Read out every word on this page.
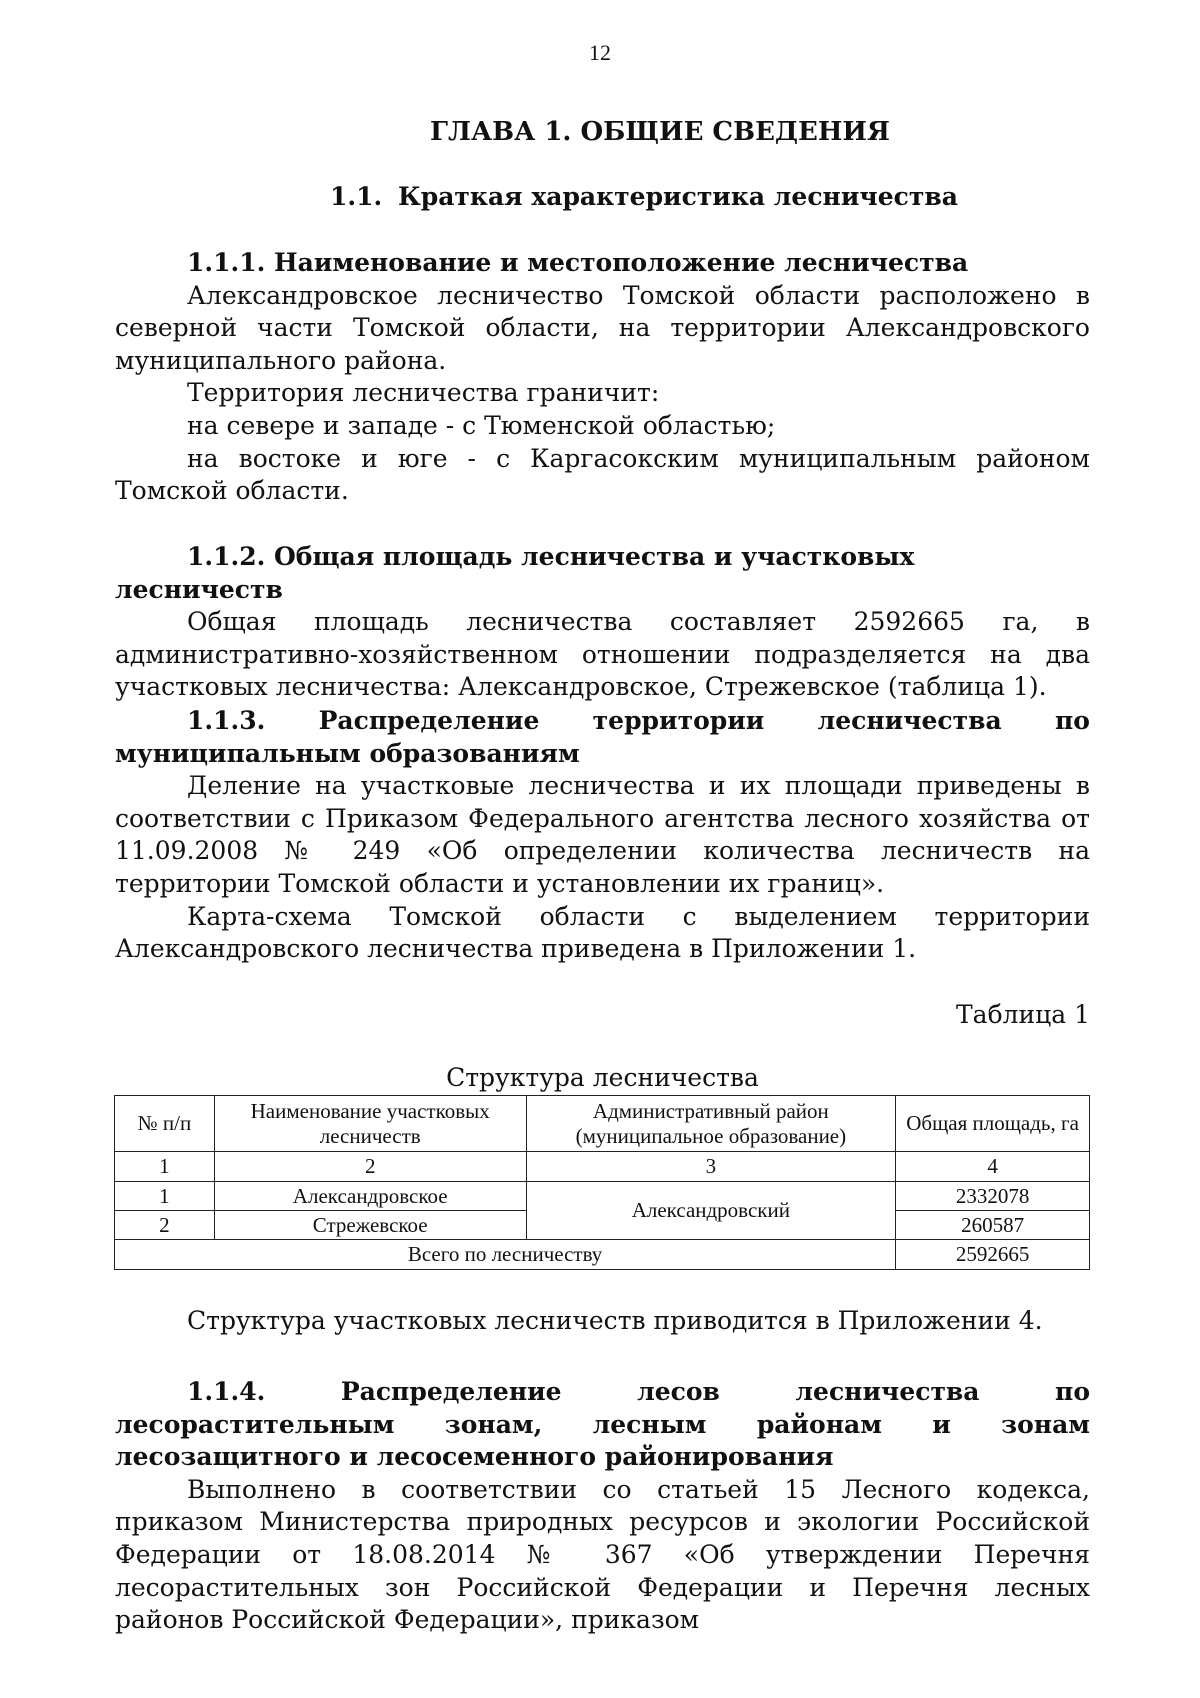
12
ГЛАВА 1. ОБЩИЕ СВЕДЕНИЯ
1.1. Краткая характеристика лесничества
1.1.1. Наименование и местоположение лесничества

Александровское лесничество Томской области расположено в северной части Томской области, на территории Александровского муниципального района.

Территория лесничества граничит:

на севере и западе - с Тюменской областью;

на востоке и юге - с Каргасокским муниципальным районом Томской области.

1.1.2. Общая площадь лесничества и участковых лесничеств

Общая площадь лесничества составляет 2592665 га, в административно-хозяйственном отношении подразделяется на два участковых лесничества: Александровское, Стрежевское (таблица 1).

1.1.3. Распределение территории лесничества по муниципальным образованиям

Деление на участковые лесничества и их площади приведены в соответствии с Приказом Федерального агентства лесного хозяйства от 11.09.2008 № 249 «Об определении количества лесничеств на территории Томской области и установлении их границ».

Карта-схема Томской области с выделением территории Александровского лесничества приведена в Приложении 1.

Таблица 1
Структура лесничества
№ п/п	Наименование участковых лесничеств	Административный район (муниципальное образование)	Общая площадь, га
1	2	3	4
1	Александровское	Александровский	2332078
2	Стрежевское		260587
Всего по лесничеству			2592665

Структура участковых лесничеств приводится в Приложении 4.

1.1.4. Распределение лесов лесничества по лесорастительным зонам, лесным районам и зонам лесозащитного и лесосеменного районирования

Выполнено в соответствии со статьей 15 Лесного кодекса, приказом Министерства природных ресурсов и экологии Российской Федерации от 18.08.2014 № 367 «Об утверждении Перечня лесорастительных зон Российской Федерации и Перечня лесных районов Российской Федерации», приказом
